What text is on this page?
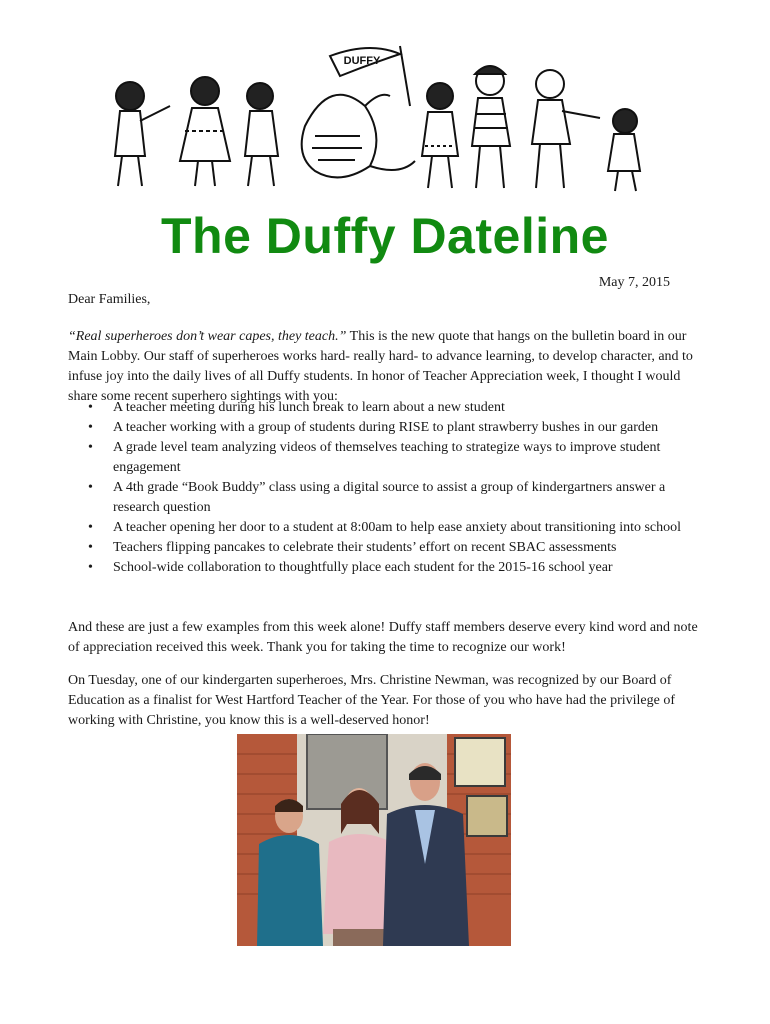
DUFFY
The Duffy Dateline
May 7, 2015
Dear Families,

“Real superheroes don’t wear capes, they teach.” This is the new quote that hangs on the bulletin board in our Main Lobby. Our staff of superheroes works hard- really hard- to advance learning, to develop character, and to infuse joy into the daily lives of all Duffy students. In honor of Teacher Appreciation week, I thought I would share some recent superhero sightings with you:

• A teacher meeting during his lunch break to learn about a new student
• A teacher working with a group of students during RISE to plant strawberry bushes in our garden
• A grade level team analyzing videos of themselves teaching to strategize ways to improve student engagement
• A 4th grade “Book Buddy” class using a digital source to assist a group of kindergartners answer a research question
• A teacher opening her door to a student at 8:00am to help ease anxiety about transitioning into school
• Teachers flipping pancakes to celebrate their students’ effort on recent SBAC assessments
• School-wide collaboration to thoughtfully place each student for the 2015-16 school year

And these are just a few examples from this week alone! Duffy staff members deserve every kind word and note of appreciation received this week. Thank you for taking the time to recognize our work!

On Tuesday, one of our kindergarten superheroes, Mrs. Christine Newman, was recognized by our Board of Education as a finalist for West Hartford Teacher of the Year. For those of you who have had the privilege of working with Christine, you know this is a well-deserved honor!
